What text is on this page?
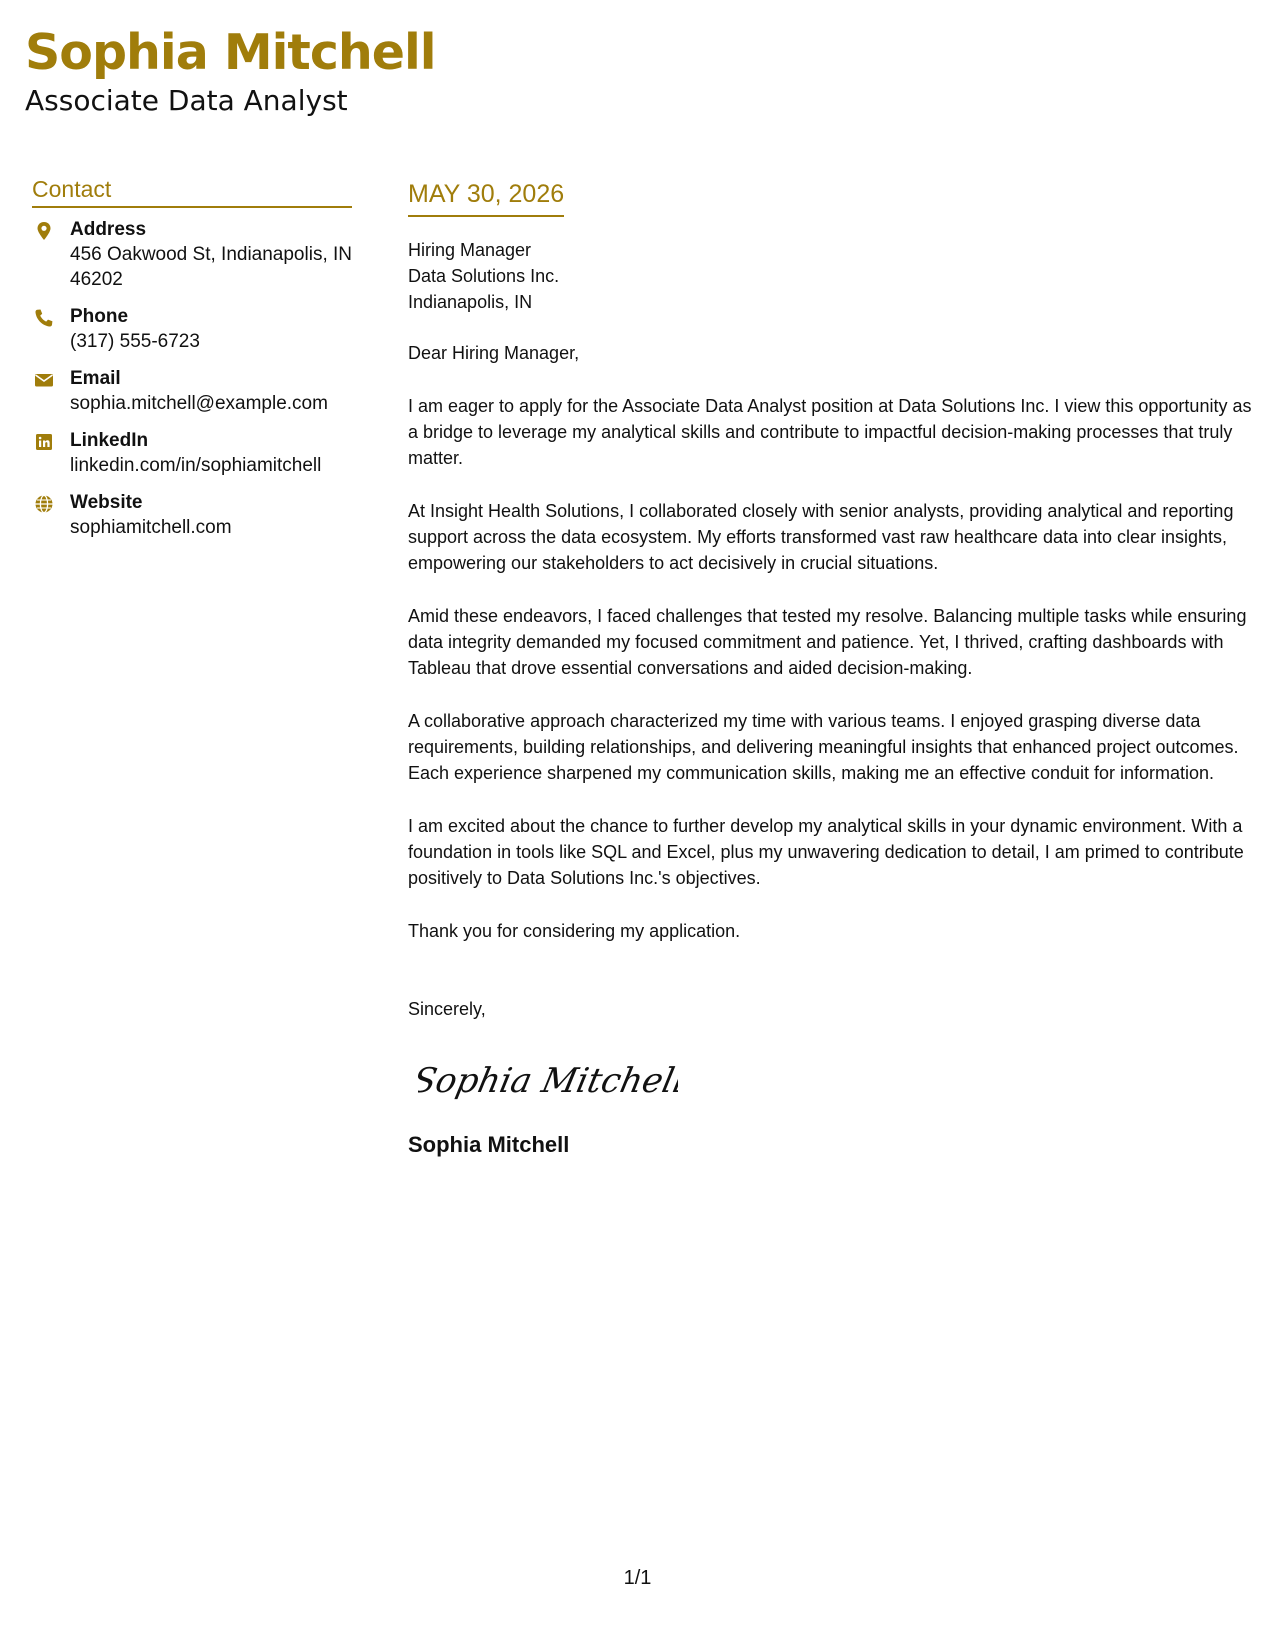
Sophia Mitchell
Associate Data Analyst
Contact
Address
456 Oakwood St, Indianapolis, IN 46202
Phone
(317) 555-6723
Email
sophia.mitchell@example.com
LinkedIn
linkedin.com/in/sophiamitchell
Website
sophiamitchell.com
MAY 30, 2026
Hiring Manager
Data Solutions Inc.
Indianapolis, IN
Dear Hiring Manager,
I am eager to apply for the Associate Data Analyst position at Data Solutions Inc. I view this opportunity as a bridge to leverage my analytical skills and contribute to impactful decision-making processes that truly matter.
At Insight Health Solutions, I collaborated closely with senior analysts, providing analytical and reporting support across the data ecosystem. My efforts transformed vast raw healthcare data into clear insights, empowering our stakeholders to act decisively in crucial situations.
Amid these endeavors, I faced challenges that tested my resolve. Balancing multiple tasks while ensuring data integrity demanded my focused commitment and patience. Yet, I thrived, crafting dashboards with Tableau that drove essential conversations and aided decision-making.
A collaborative approach characterized my time with various teams. I enjoyed grasping diverse data requirements, building relationships, and delivering meaningful insights that enhanced project outcomes. Each experience sharpened my communication skills, making me an effective conduit for information.
I am excited about the chance to further develop my analytical skills in your dynamic environment. With a foundation in tools like SQL and Excel, plus my unwavering dedication to detail, I am primed to contribute positively to Data Solutions Inc.'s objectives.
Thank you for considering my application.
Sincerely,
Sophia Mitchell
Sophia Mitchell
1/1
